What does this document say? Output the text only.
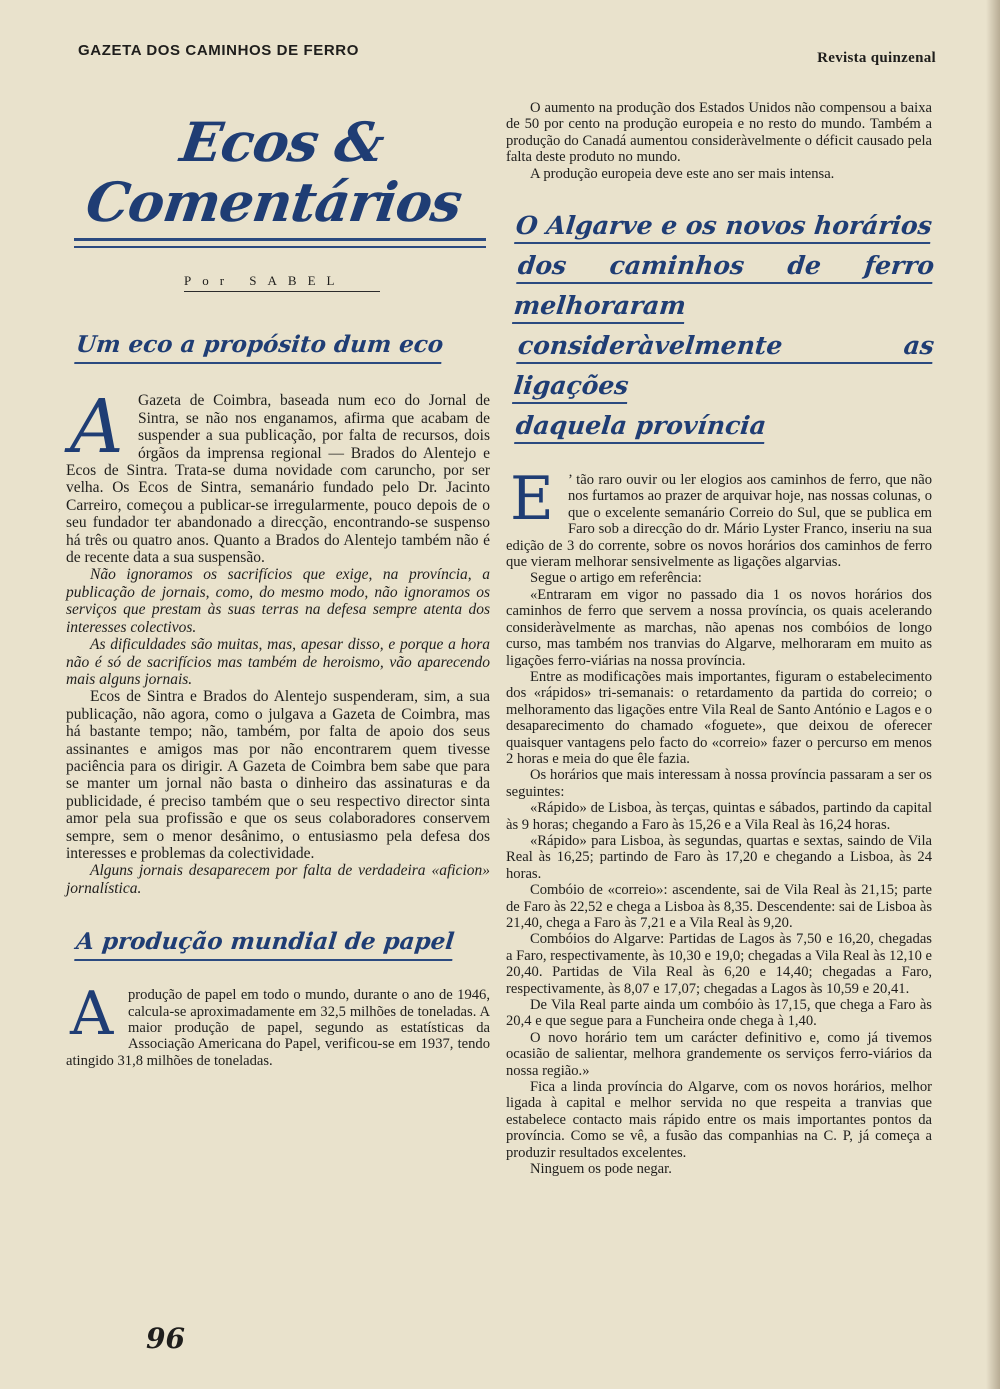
GAZETA DOS CAMINHOS DE FERRO	Revista quinzenal
Ecos & Comentários
Por SABEL
Um eco a propósito dum eco
A Gazeta de Coimbra, baseada num eco do Jornal de Sintra, se não nos enganamos, afirma que acabam de suspender a sua publicação, por falta de recursos, dois órgãos da imprensa regional — Brados do Alentejo e Ecos de Sintra. Trata-se duma novidade com caruncho, por ser velha. Os Ecos de Sintra, semanário fundado pelo Dr. Jacinto Carreiro, começou a publicar-se irregularmente, pouco depois de o seu fundador ter abandonado a direcção, encontrando-se suspenso há três ou quatro anos. Quanto a Brados do Alentejo também não é de recente data a sua suspensão.

Não ignoramos os sacrifícios que exige, na província, a publicação de jornais, como, do mesmo modo, não ignoramos os serviços que prestam às suas terras na defesa sempre atenta dos interesses colectivos.

As dificuldades são muitas, mas, apesar disso, e porque a hora não é só de sacrifícios mas também de heroismo, vão aparecendo mais alguns jornais.

Ecos de Sintra e Brados do Alentejo suspenderam, sim, a sua publicação, não agora, como o julgava a Gazeta de Coimbra, mas há bastante tempo; não, também, por falta de apoio dos seus assinantes e amigos mas por não encontrarem quem tivesse paciência para os dirigir. A Gazeta de Coimbra bem sabe que para se manter um jornal não basta o dinheiro das assinaturas e da publicidade, é preciso também que o seu respectivo director sinta amor pela sua profissão e que os seus colaboradores conservem sempre, sem o menor desânimo, o entusiasmo pela defesa dos interesses e problemas da colectividade.

Alguns jornais desaparecem por falta de verdadeira «aficion» jornalística.

A produção mundial de papel
A	produção de papel em todo o mundo, durante o ano de 1946, calcula-se aproximadamente em 32,5 milhões de toneladas. A maior produção de papel, segundo as estatísticas da Associação Americana do Papel, verificou-se em 1937, tendo atingido 31,8 milhões de toneladas.

O aumento na produção dos Estados Unidos não compensou a baixa de 50 por cento na produção europeia e no resto do mundo. Também a produção do Canadá aumentou consideràvelmente o déficit causado pela falta deste produto no mundo.

A produção europeia deve este ano ser mais intensa.

O Algarve e os novos horários
dos caminhos de ferro melhoraram
consideràvelmente as ligações
daquela província
E ’ tão raro ouvir ou ler elogios aos caminhos de ferro, que não nos furtamos ao prazer de arquivar hoje, nas nossas colunas, o que o excelente semanário Correio do Sul, que se publica em Faro sob a direcção do dr. Mário Lyster Franco, inseriu na sua edição de 3 do corrente, sobre os novos horários dos caminhos de ferro que vieram melhorar sensivelmente as ligações algarvias.

Segue o artigo em referência:

«Entraram em vigor no passado dia 1 os novos horários dos caminhos de ferro que servem a nossa província, os quais acelerando consideràvelmente as marchas, não apenas nos combóios de longo curso, mas também nos tranvias do Algarve, melhoraram em muito as ligações ferro-viárias na nossa província.

Entre as modificações mais importantes, figuram o estabelecimento dos «rápidos» tri-semanais: o retardamento da partida do correio; o melhoramento das ligações entre Vila Real de Santo António e Lagos e o desaparecimento do chamado «foguete», que deixou de oferecer quaisquer vantagens pelo facto do «correio» fazer o percurso em menos 2 horas e meia do que êle fazia.

Os horários que mais interessam à nossa província passaram a ser os seguintes:

«Rápido» de Lisboa, às terças, quintas e sábados, partindo da capital às 9 horas; chegando a Faro às 15,26 e a Vila Real às 16,24 horas.

«Rápido» para Lisboa, às segundas, quartas e sextas, saindo de Vila Real às 16,25; partindo de Faro às 17,20 e chegando a Lisboa, às 24 horas.

Combóio de «correio»: ascendente, sai de Vila Real às 21,15; parte de Faro às 22,52 e chega a Lisboa às 8,35. Descendente: sai de Lisboa às 21,40, chega a Faro às 7,21 e a Vila Real às 9,20.

Combóios do Algarve: Partidas de Lagos às 7,50 e 16,20, chegadas a Faro, respectivamente, às 10,30 e 19,0; chegadas a Vila Real às 12,10 e 20,40. Partidas de Vila Real às 6,20 e 14,40; chegadas a Faro, respectivamente, às 8,07 e 17,07; chegadas a Lagos às 10,59 e 20,41.

De Vila Real parte ainda um combóio às 17,15, que chega a Faro às 20,4 e que segue para a Funcheira onde chega à 1,40.

O novo horário tem um carácter definitivo e, como já tivemos ocasião de salientar, melhora grandemente os serviços ferro-viários da nossa região.»

Fica a linda província do Algarve, com os novos horários, melhor ligada à capital e melhor servida no que respeita a tranvias que estabelece contacto mais rápido entre os mais importantes pontos da província. Como se vê, a fusão das companhias na C. P, já começa a produzir resultados excelentes.

Ninguem os pode negar.

96
